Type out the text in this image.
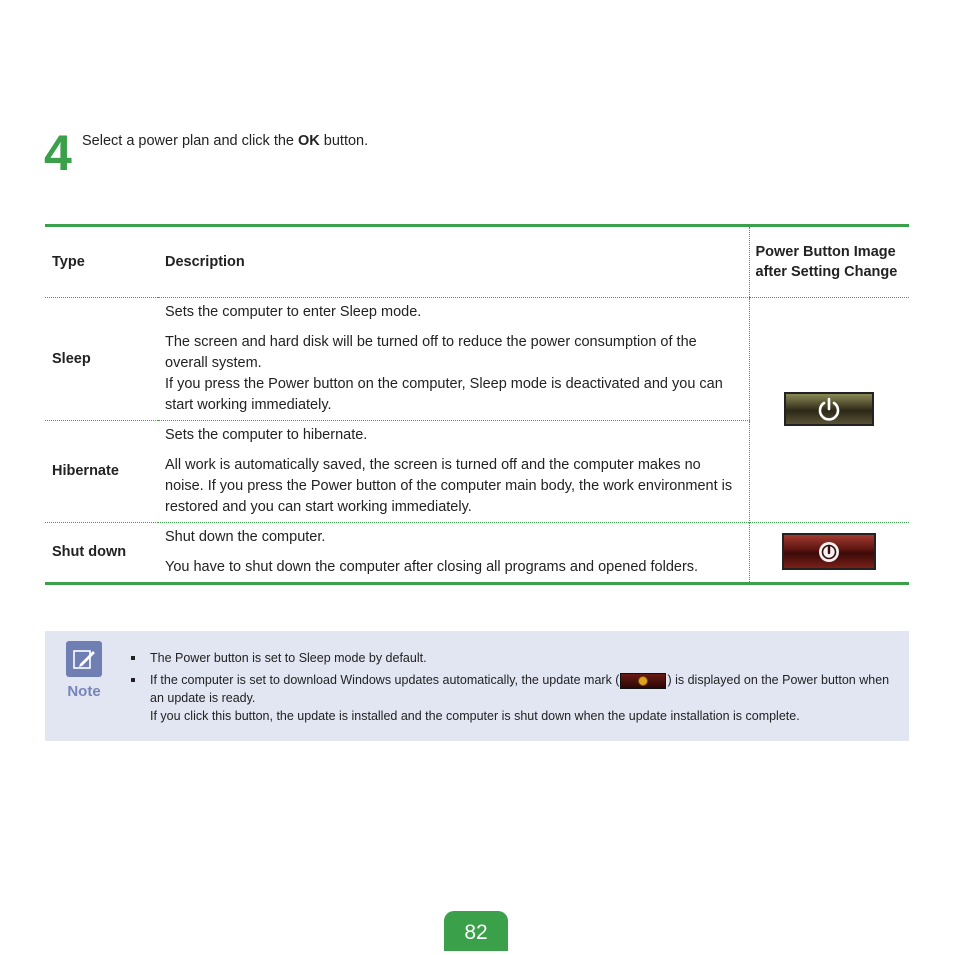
4 Select a power plan and click the OK button.
Type	Description	Power Button Image after Setting Change
Sleep	Sets the computer to enter Sleep mode.

The screen and hard disk will be turned off to reduce the power consumption of the overall system.

If you press the Power button on the computer, Sleep mode is deactivated and you can start working immediately.

Hibernate	Sets the computer to hibernate.

All work is automatically saved, the screen is turned off and the computer makes no noise. If you press the Power button of the computer main body, the work environment is restored and you can start working immediately.	

Shut down	Shut down the computer.

You have to shut down the computer after closing all programs and opened folders.

Note
The Power button is set to Sleep mode by default.
If the computer is set to download Windows updates automatically, the update mark (	) is displayed on the Power button when an update is ready.
If you click this button, the update is installed and the computer is shut down when the update installation is complete.
82
